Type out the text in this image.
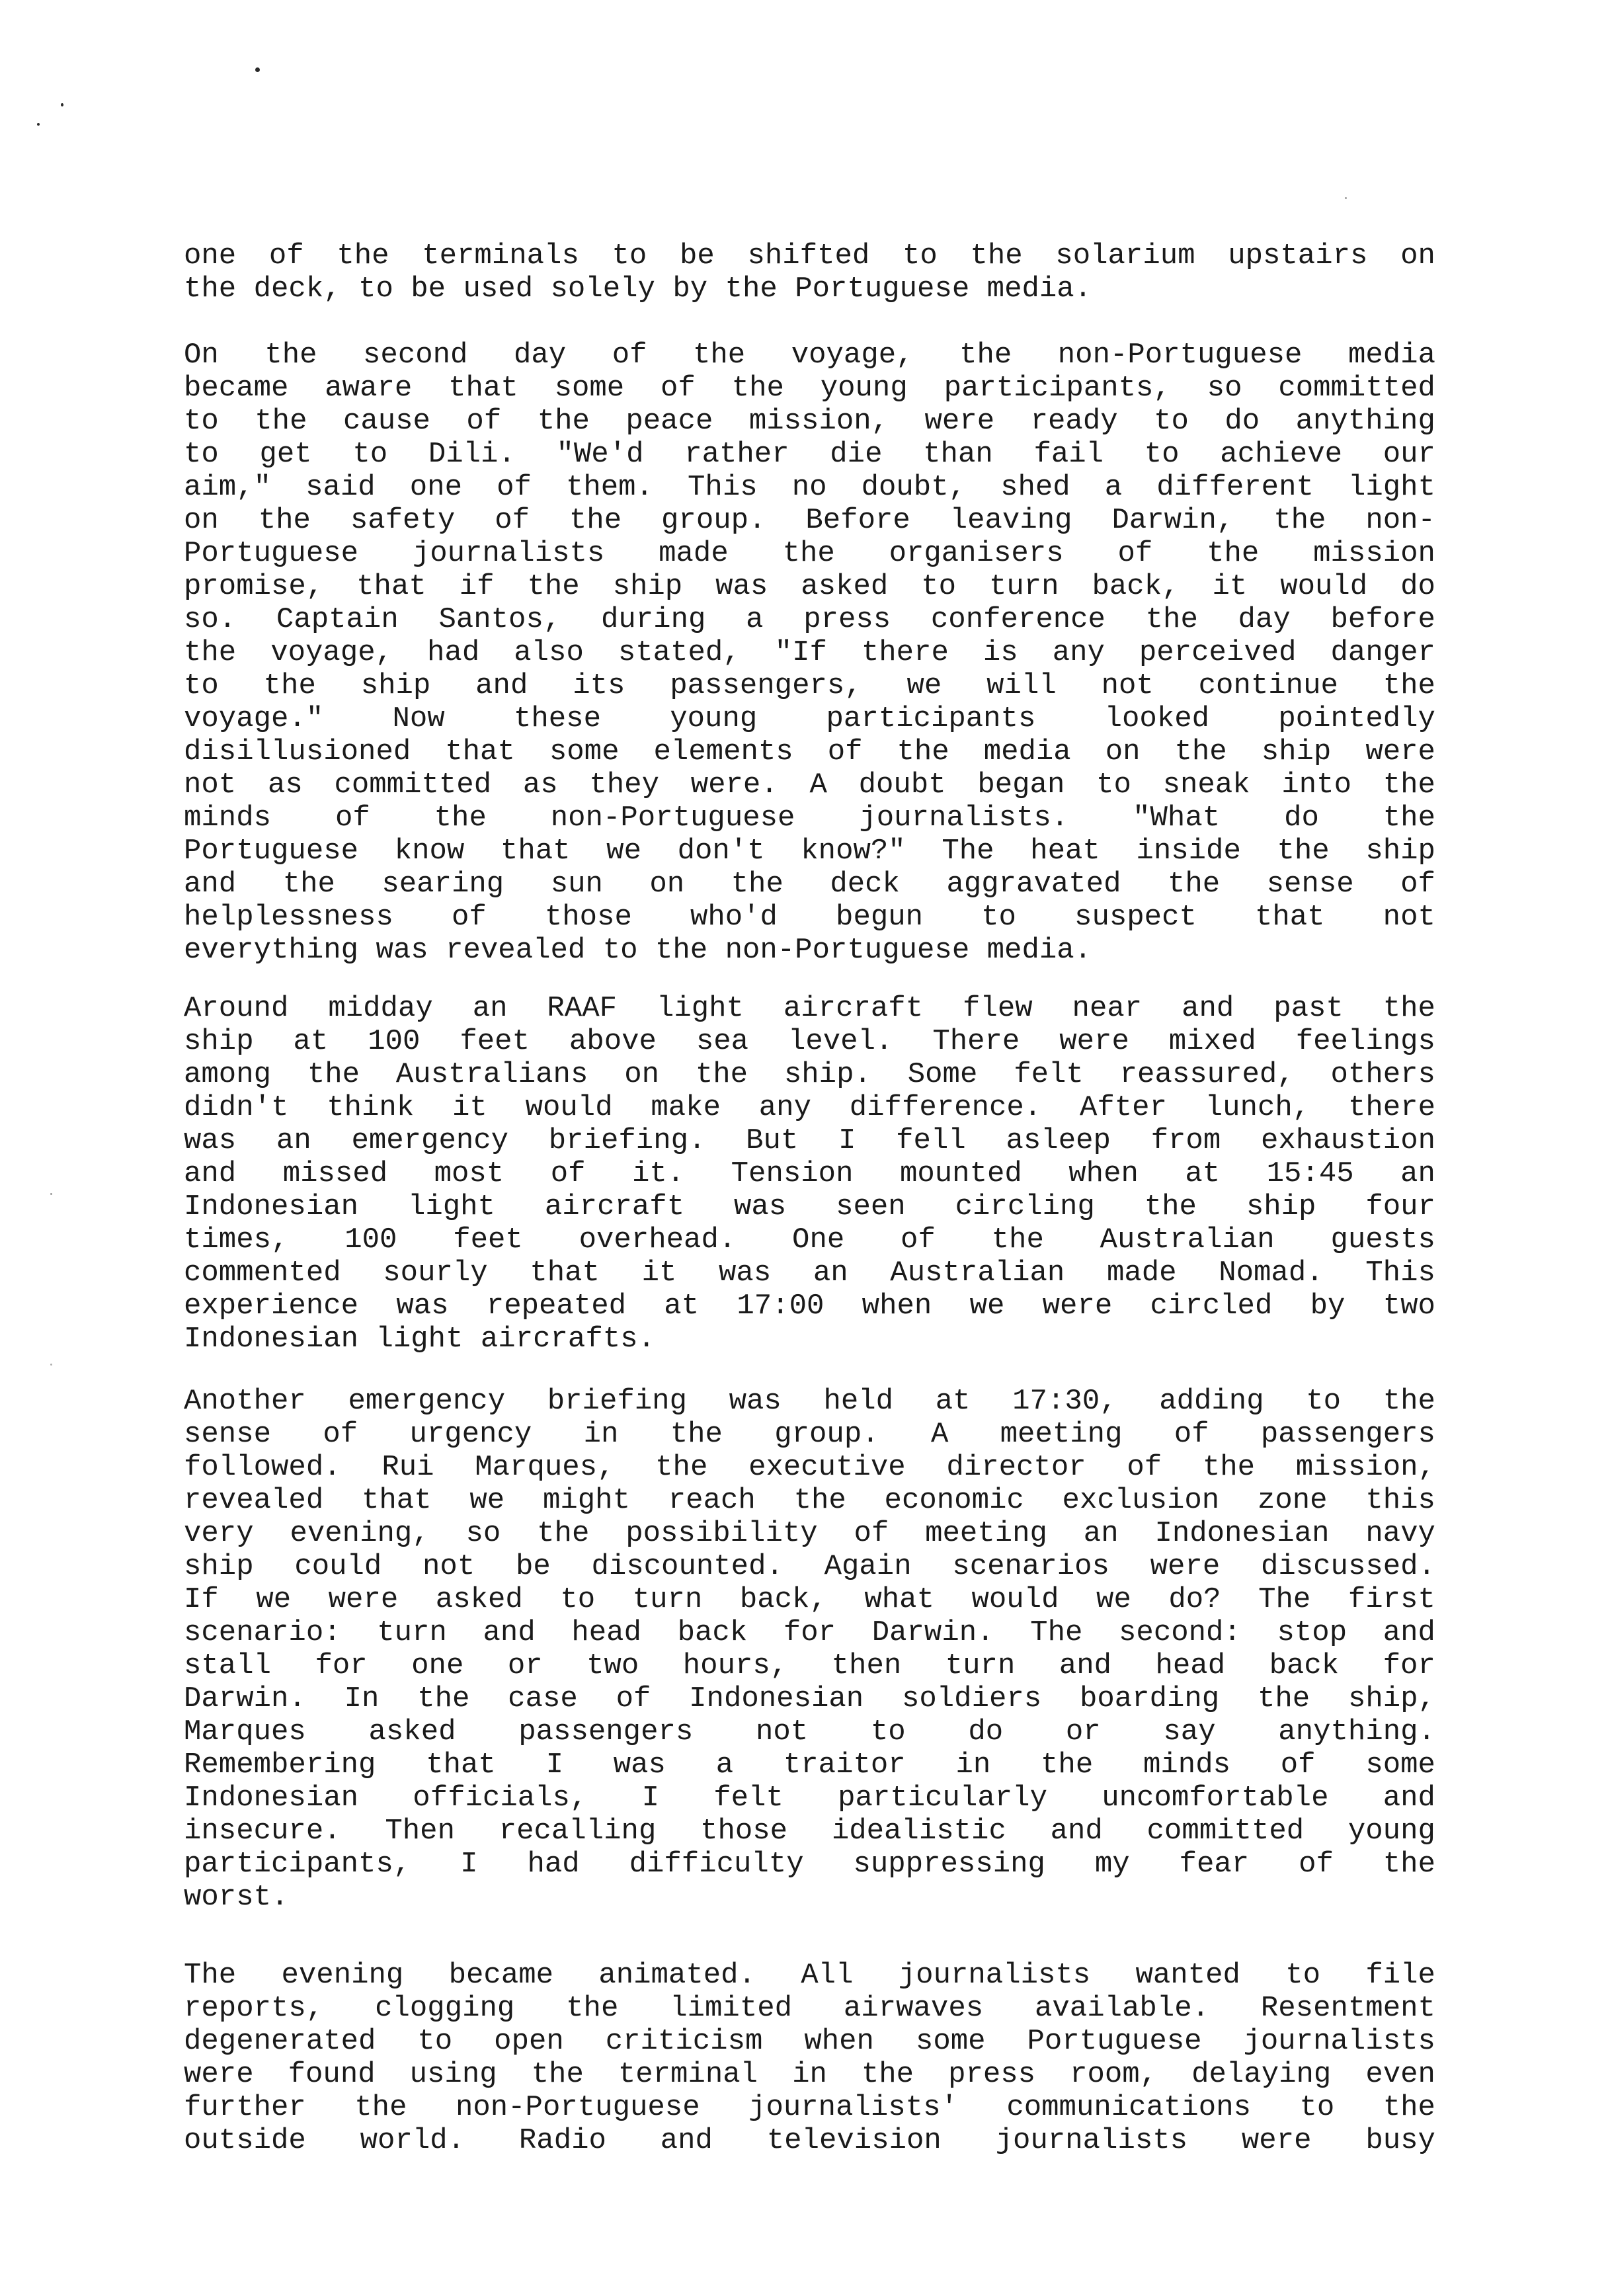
one of the terminals to be shifted to the solarium upstairs on
the deck, to be used solely by the Portuguese media.
On the second day of the voyage, the non-Portuguese media
became aware that some of the young participants, so committed
to the cause of the peace mission, were ready to do anything
to get to Dili. "We'd rather die than fail to achieve our
aim," said one of them. This no doubt, shed a different light
on the safety of the group. Before leaving Darwin, the non-
Portuguese journalists made the organisers of the mission
promise, that if the ship was asked to turn back, it would do
so. Captain Santos, during a press conference the day before
the voyage, had also stated, "If there is any perceived danger
to the ship and its passengers, we will not continue the
voyage." Now these young participants looked pointedly
disillusioned that some elements of the media on the ship were
not as committed as they were. A doubt began to sneak into the
minds of the non-Portuguese journalists. "What do the
Portuguese know that we don't know?" The heat inside the ship
and the searing sun on the deck aggravated the sense of
helplessness of those who'd begun to suspect that not
everything was revealed to the non-Portuguese media.
Around midday an RAAF light aircraft flew near and past the
ship at 100 feet above sea level. There were mixed feelings
among the Australians on the ship. Some felt reassured, others
didn't think it would make any difference. After lunch, there
was an emergency briefing. But I fell asleep from exhaustion
and missed most of it. Tension mounted when at 15:45 an
Indonesian light aircraft was seen circling the ship four
times, 100 feet overhead. One of the Australian guests
commented sourly that it was an Australian made Nomad. This
experience was repeated at 17:00 when we were circled by two
Indonesian light aircrafts.
Another emergency briefing was held at 17:30, adding to the
sense of urgency in the group. A meeting of passengers
followed. Rui Marques, the executive director of the mission,
revealed that we might reach the economic exclusion zone this
very evening, so the possibility of meeting an Indonesian navy
ship could not be discounted. Again scenarios were discussed.
If we were asked to turn back, what would we do? The first
scenario: turn and head back for Darwin. The second: stop and
stall for one or two hours, then turn and head back for
Darwin. In the case of Indonesian soldiers boarding the ship,
Marques asked passengers not to do or say anything.
Remembering that I was a traitor in the minds of some
Indonesian officials, I felt particularly uncomfortable and
insecure. Then recalling those idealistic and committed young
participants, I had difficulty suppressing my fear of the
worst.
The evening became animated. All journalists wanted to file
reports, clogging the limited airwaves available. Resentment
degenerated to open criticism when some Portuguese journalists
were found using the terminal in the press room, delaying even
further the non-Portuguese journalists' communications to the
outside world. Radio and television journalists were busy
